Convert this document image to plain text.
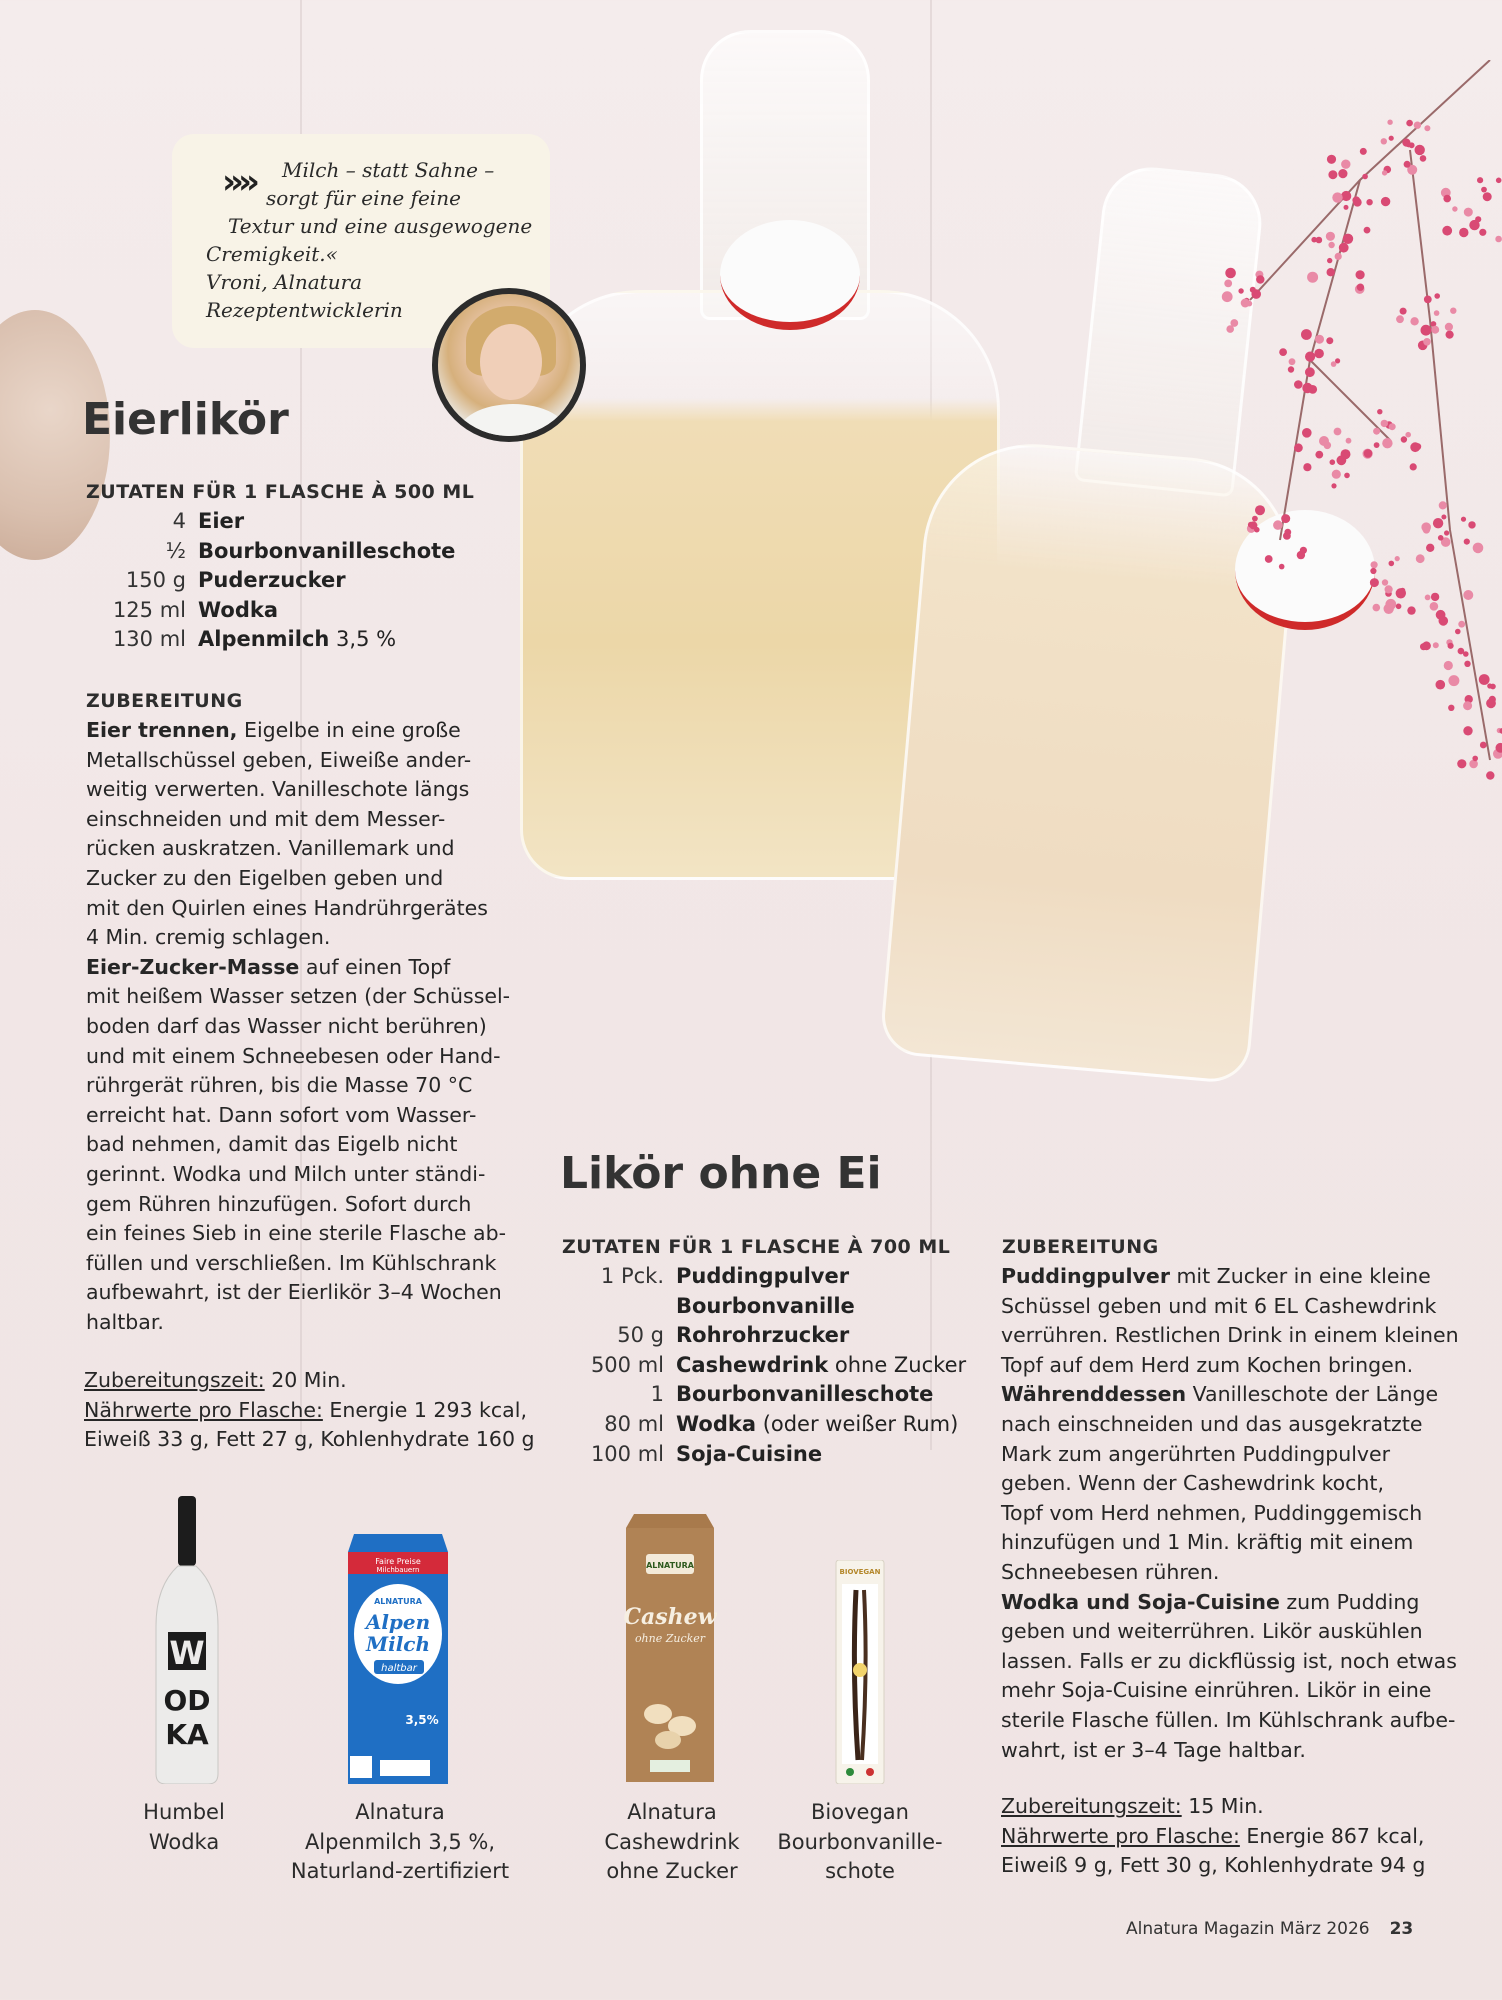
»» Milch – statt Sahne –
sorgt für eine feine
Textur und eine ausgewogene
Cremigkeit.«
Vroni, Alnatura
Rezeptentwicklerin
Eierlikör
ZUTATEN FÜR 1 FLASCHE À 500 ML
4 Eier
½ Bourbonvanilleschote
150 g Puderzucker
125 ml Wodka
130 ml Alpenmilch 3,5 %
ZUBEREITUNG
Eier trennen, Eigelbe in eine große
Metallschüssel geben, Eiweiße ander-
weitig verwerten. Vanilleschote längs
einschneiden und mit dem Messer-
rücken auskratzen. Vanillemark und
Zucker zu den Eigelben geben und
mit den Quirlen eines Handrührgerätes
4 Min. cremig schlagen.
Eier-Zucker-Masse auf einen Topf
mit heißem Wasser setzen (der Schüssel-
boden darf das Wasser nicht berühren)
und mit einem Schneebesen oder Hand-
rührgerät rühren, bis die Masse 70 °C
erreicht hat. Dann sofort vom Wasser-
bad nehmen, damit das Eigelb nicht
gerinnt. Wodka und Milch unter ständi-
gem Rühren hinzufügen. Sofort durch
ein feines Sieb in eine sterile Flasche ab-
füllen und verschließen. Im Kühlschrank
aufbewahrt, ist der Eierlikör 3–4 Wochen
haltbar.
Zubereitungszeit: 20 Min.
Nährwerte pro Flasche: Energie 1 293 kcal,
Eiweiß 33 g, Fett 27 g, Kohlenhydrate 160 g
Likör ohne Ei
ZUTATEN FÜR 1 FLASCHE À 700 ML
1 Pck. Puddingpulver
Bourbonvanille
50 g Rohrohrzucker
500 ml Cashewdrink ohne Zucker
1 Bourbonvanilleschote
80 ml Wodka (oder weißer Rum)
100 ml Soja-Cuisine
ZUBEREITUNG
Puddingpulver mit Zucker in eine kleine
Schüssel geben und mit 6 EL Cashewdrink
verrühren. Restlichen Drink in einem kleinen
Topf auf dem Herd zum Kochen bringen.
Währenddessen Vanilleschote der Länge
nach einschneiden und das ausgekratzte
Mark zum angerührten Puddingpulver
geben. Wenn der Cashewdrink kocht,
Topf vom Herd nehmen, Puddinggemisch
hinzufügen und 1 Min. kräftig mit einem
Schneebesen rühren.
Wodka und Soja-Cuisine zum Pudding
geben und weiterrühren. Likör auskühlen
lassen. Falls er zu dickflüssig ist, noch etwas
mehr Soja-Cuisine einrühren. Likör in eine
sterile Flasche füllen. Im Kühlschrank aufbe-
wahrt, ist er 3–4 Tage haltbar.
Zubereitungszeit: 15 Min.
Nährwerte pro Flasche: Energie 867 kcal,
Eiweiß 9 g, Fett 30 g, Kohlenhydrate 94 g
W
OD
KA
Faire Preise
Milchbauern
ALNATURA
Alpen
Milch
haltbar
3,5%
ALNATURA
Cashew
ohne Zucker
BIOVEGAN
Humbel
Wodka
Alnatura
Alpenmilch 3,5 %,
Naturland-zertifiziert
Alnatura
Cashewdrink
ohne Zucker
Biovegan
Bourbonvanille-
schote
Alnatura Magazin März 2026 23
